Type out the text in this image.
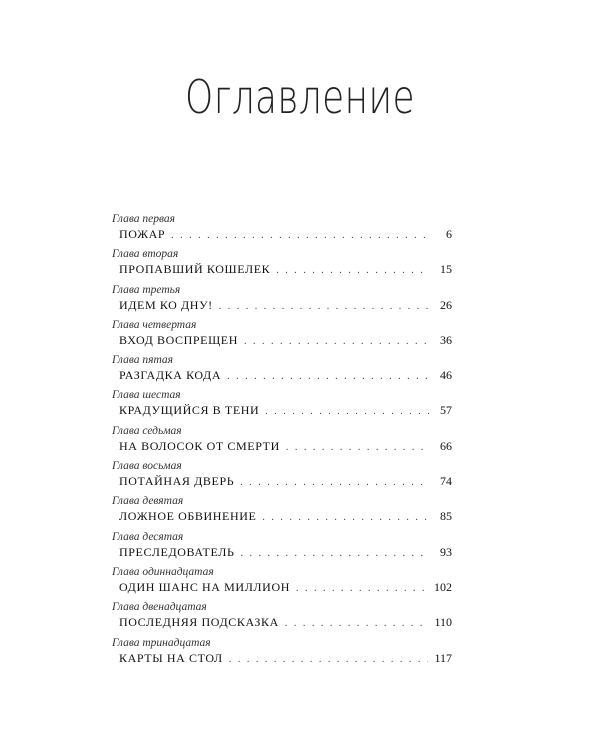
Оглавление
Глава первая
ПОЖАР . . .	6
Глава вторая
ПРОПАВШИЙ КОШЕЛЕК . . .	15
Глава третья
ИДЕМ КО ДНУ! . . .	26
Глава четвертая
ВХОД ВОСПРЕЩЕН . . .	36
Глава пятая
РАЗГАДКА КОДА . . .	46
Глава шестая
КРАДУЩИЙСЯ В ТЕНИ . . .	57
Глава седьмая
НА ВОЛОСОК ОТ СМЕРТИ . . .	66
Глава восьмая
ПОТАЙНАЯ ДВЕРЬ . . .	74
Глава девятая
ЛОЖНОЕ ОБВИНЕНИЕ . . .	85
Глава десятая
ПРЕСЛЕДОВАТЕЛЬ . . .	93
Глава одиннадцатая
ОДИН ШАНС НА МИЛЛИОН . . .	102
Глава двенадцатая
ПОСЛЕДНЯЯ ПОДСКАЗКА . . .	110
Глава тринадцатая
КАРТЫ НА СТОЛ . . .	117
